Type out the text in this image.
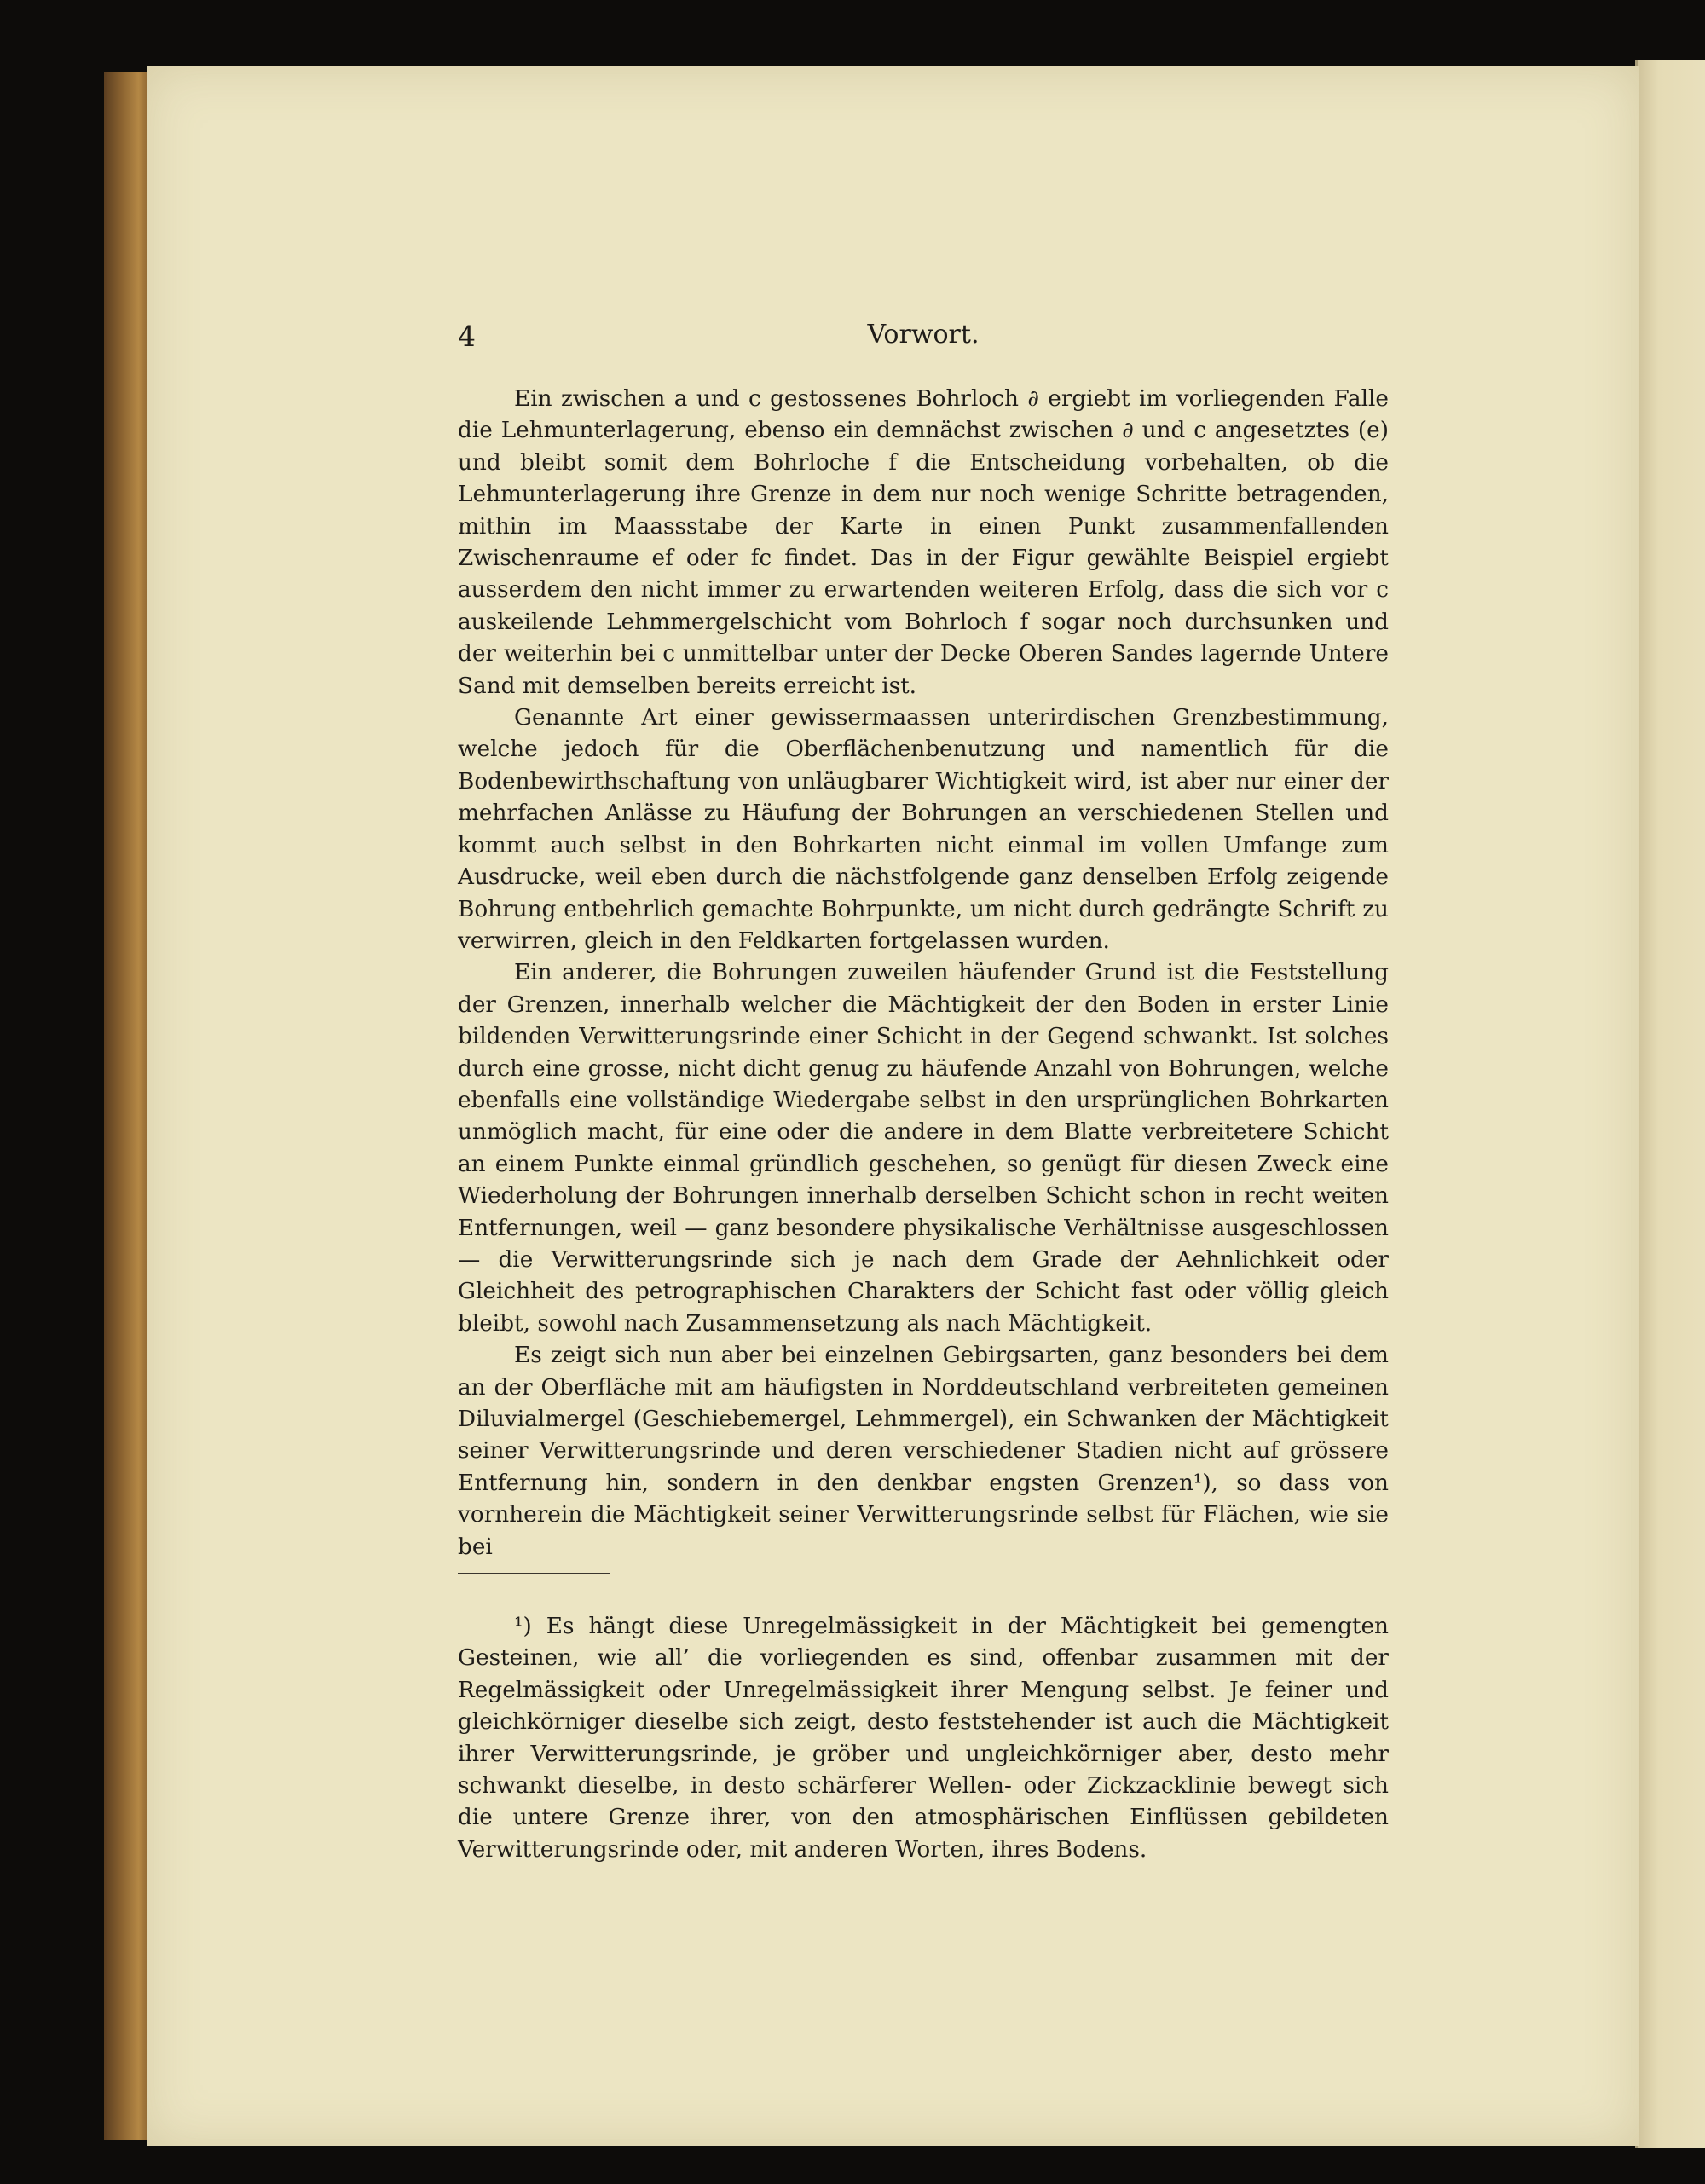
4	Vorwort.

Ein zwischen a und c gestossenes Bohrloch ∂ ergiebt im vorliegenden Falle die Lehmunterlagerung, ebenso ein demnächst zwischen ∂ und c angesetztes (e) und bleibt somit dem Bohrloche f die Entscheidung vorbehalten, ob die Lehmunterlagerung ihre Grenze in dem nur noch wenige Schritte betragenden, mithin im Maassstabe der Karte in einen Punkt zusammenfallenden Zwischenraume ef oder fc findet. Das in der Figur gewählte Beispiel ergiebt ausserdem den nicht immer zu erwartenden weiteren Erfolg, dass die sich vor c auskeilende Lehmmergelschicht vom Bohrloch f sogar noch durchsunken und der weiterhin bei c unmittelbar unter der Decke Oberen Sandes lagernde Untere Sand mit demselben bereits erreicht ist.

Genannte Art einer gewissermaassen unterirdischen Grenzbestimmung, welche jedoch für die Oberflächenbenutzung und namentlich für die Bodenbewirthschaftung von unläugbarer Wichtigkeit wird, ist aber nur einer der mehrfachen Anlässe zu Häufung der Bohrungen an verschiedenen Stellen und kommt auch selbst in den Bohrkarten nicht einmal im vollen Umfange zum Ausdrucke, weil eben durch die nächstfolgende ganz denselben Erfolg zeigende Bohrung entbehrlich gemachte Bohrpunkte, um nicht durch gedrängte Schrift zu verwirren, gleich in den Feldkarten fortgelassen wurden.

Ein anderer, die Bohrungen zuweilen häufender Grund ist die Feststellung der Grenzen, innerhalb welcher die Mächtigkeit der den Boden in erster Linie bildenden Verwitterungsrinde einer Schicht in der Gegend schwankt. Ist solches durch eine grosse, nicht dicht genug zu häufende Anzahl von Bohrungen, welche ebenfalls eine vollständige Wiedergabe selbst in den ursprünglichen Bohrkarten unmöglich macht, für eine oder die andere in dem Blatte verbreitetere Schicht an einem Punkte einmal gründlich geschehen, so genügt für diesen Zweck eine Wiederholung der Bohrungen innerhalb derselben Schicht schon in recht weiten Entfernungen, weil — ganz besondere physikalische Verhältnisse ausgeschlossen — die Verwitterungsrinde sich je nach dem Grade der Aehnlichkeit oder Gleichheit des petrographischen Charakters der Schicht fast oder völlig gleich bleibt, sowohl nach Zusammensetzung als nach Mächtigkeit.

Es zeigt sich nun aber bei einzelnen Gebirgsarten, ganz besonders bei dem an der Oberfläche mit am häufigsten in Norddeutschland verbreiteten gemeinen Diluvialmergel (Geschiebemergel, Lehmmergel), ein Schwanken der Mächtigkeit seiner Verwitterungsrinde und deren verschiedener Stadien nicht auf grössere Entfernung hin, sondern in den denkbar engsten Grenzen¹), so dass von vornherein die Mächtigkeit seiner Verwitterungsrinde selbst für Flächen, wie sie bei

¹) Es hängt diese Unregelmässigkeit in der Mächtigkeit bei gemengten Gesteinen, wie all’ die vorliegenden es sind, offenbar zusammen mit der Regelmässigkeit oder Unregelmässigkeit ihrer Mengung selbst. Je feiner und gleichkörniger dieselbe sich zeigt, desto feststehender ist auch die Mächtigkeit ihrer Verwitterungsrinde, je gröber und ungleichkörniger aber, desto mehr schwankt dieselbe, in desto schärferer Wellen- oder Zickzacklinie bewegt sich die untere Grenze ihrer, von den atmosphärischen Einflüssen gebildeten Verwitterungsrinde oder, mit anderen Worten, ihres Bodens.
